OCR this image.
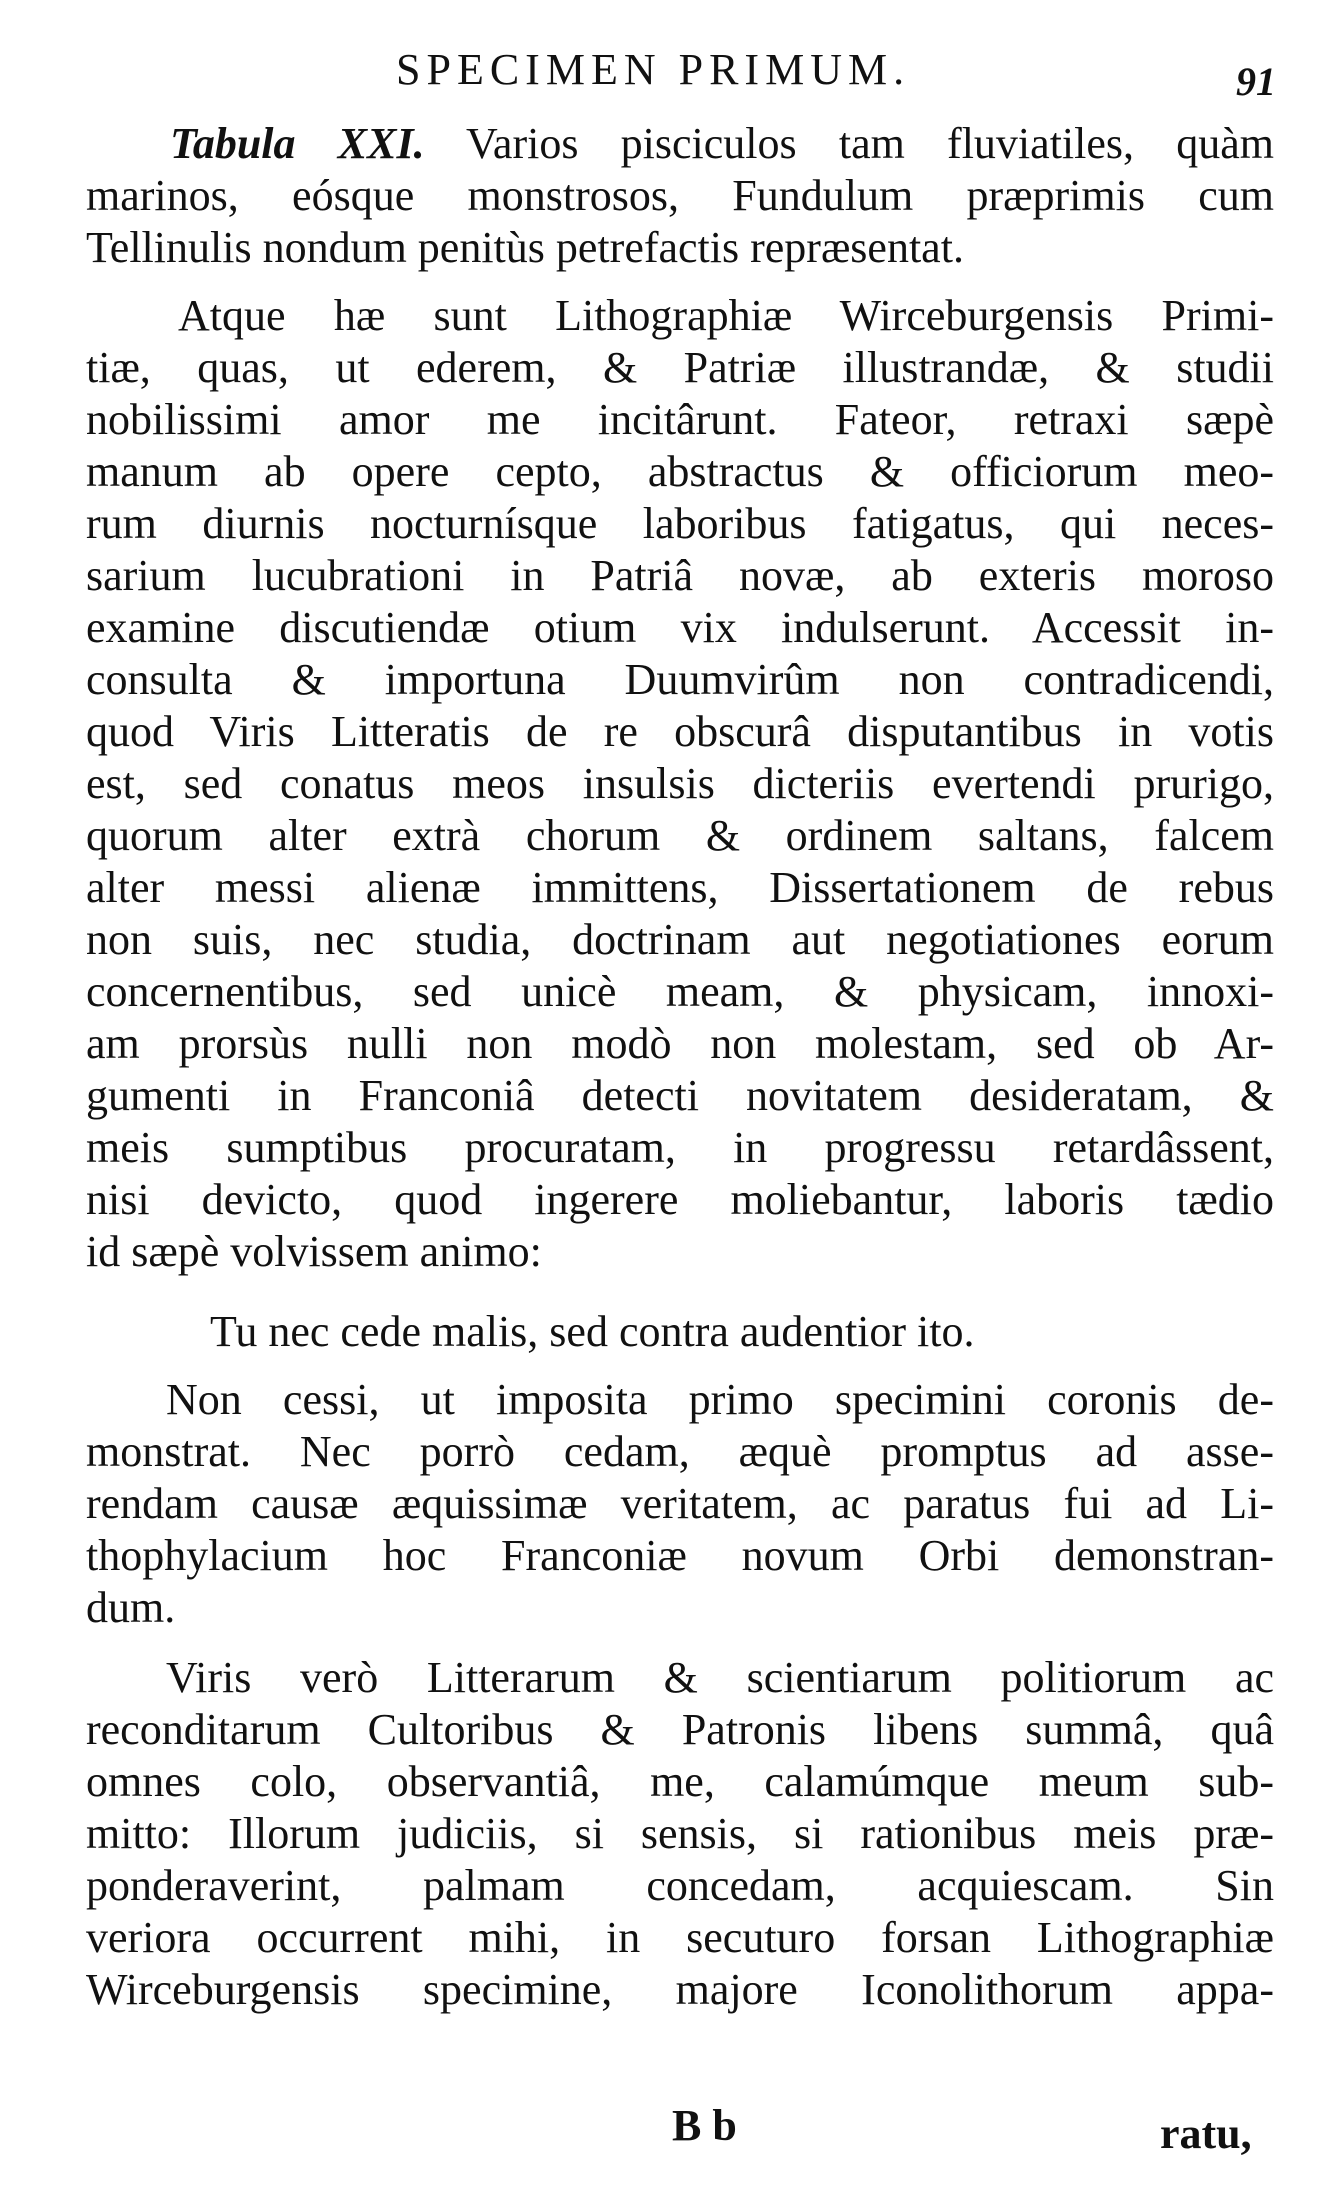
SPECIMEN PRIMUM.	91
Tabula XXI. Varios pisciculos tam fluviatiles, quàm
marinos, eósque monstrosos, Fundulum præprimis cum
Tellinulis nondum penitùs petrefactis repræsentat.
Atque hæ sunt Lithographiæ Wirceburgensis Primi-
tiæ, quas, ut ederem, & Patriæ illustrandæ, & studii
nobilissimi amor me incitârunt. Fateor, retraxi sæpè
manum ab opere cepto, abstractus & officiorum meo-
rum diurnis nocturnísque laboribus fatigatus, qui neces-
sarium lucubrationi in Patriâ novæ, ab exteris moroso
examine discutiendæ otium vix indulserunt. Accessit in-
consulta & importuna Duumvirûm non contradicendi,
quod Viris Litteratis de re obscurâ disputantibus in votis
est, sed conatus meos insulsis dicteriis evertendi prurigo,
quorum alter extrà chorum & ordinem saltans, falcem
alter messi alienæ immittens, Dissertationem de rebus
non suis, nec studia, doctrinam aut negotiationes eorum
concernentibus, sed unicè meam, & physicam, innoxi-
am prorsùs nulli non modò non molestam, sed ob Ar-
gumenti in Franconiâ detecti novitatem desideratam, &
meis sumptibus procuratam, in progressu retardâssent,
nisi devicto, quod ingerere moliebantur, laboris tædio
id sæpè volvissem animo:
Tu nec cede malis, sed contra audentior ito.
Non cessi, ut imposita primo specimini coronis de-
monstrat. Nec porrò cedam, æquè promptus ad asse-
rendam causæ æquissimæ veritatem, ac paratus fui ad Li-
thophylacium hoc Franconiæ novum Orbi demonstran-
dum.
Viris verò Litterarum & scientiarum politiorum ac
reconditarum Cultoribus & Patronis libens summâ, quâ
omnes colo, observantiâ, me, calamúmque meum sub-
mitto: Illorum judiciis, si sensis, si rationibus meis præ-
ponderaverint, palmam concedam, acquiescam. Sin
veriora occurrent mihi, in secuturo forsan Lithographiæ
Wirceburgensis specimine, majore Iconolithorum appa-
B b	ratu,
